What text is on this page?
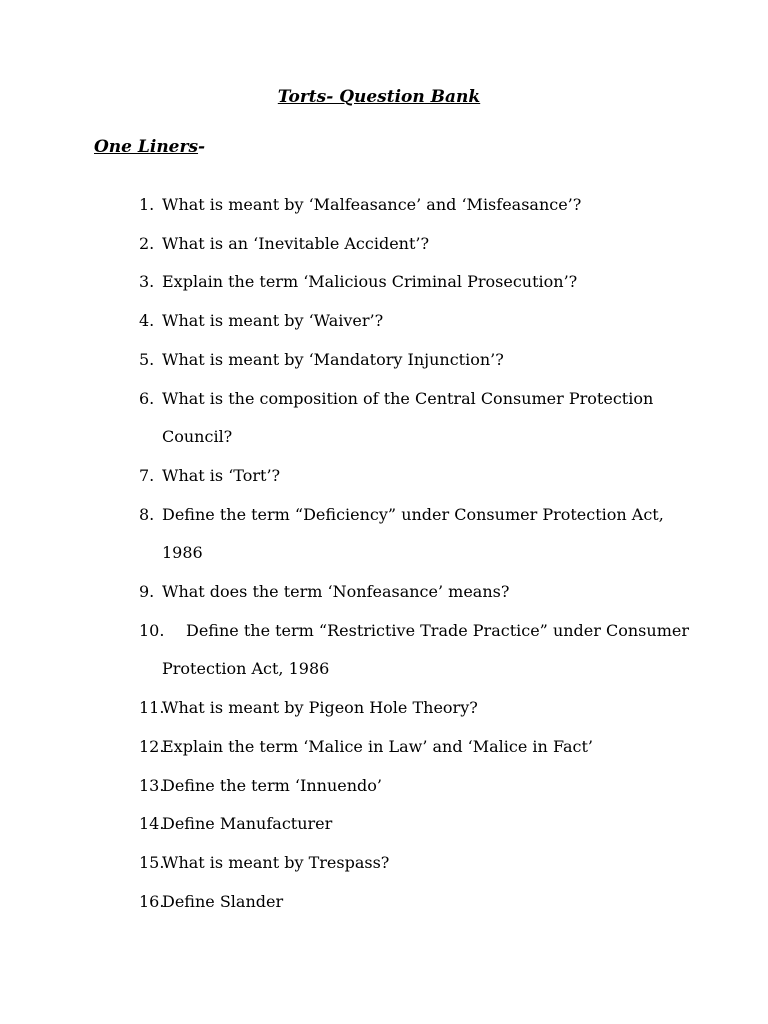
Torts- Question Bank
One Liners-
1. What is meant by ‘Malfeasance’ and ‘Misfeasance’?
2. What is an ‘Inevitable Accident’?
3. Explain the term ‘Malicious Criminal Prosecution’?
4. What is meant by ‘Waiver’?
5. What is meant by ‘Mandatory Injunction’?
6. What is the composition of the Central Consumer Protection
Council?
7. What is ‘Tort’?
8. Define the term “Deficiency” under Consumer Protection Act,
1986
9. What does the term ‘Nonfeasance’ means?
10. Define the term “Restrictive Trade Practice” under Consumer
Protection Act, 1986
11.
What is meant by Pigeon Hole Theory?
12.
Explain the term ‘Malice in Law’ and ‘Malice in Fact’
13.
Define the term ‘Innuendo’
14.
Define Manufacturer
15.
What is meant by Trespass?
16.
Define Slander
